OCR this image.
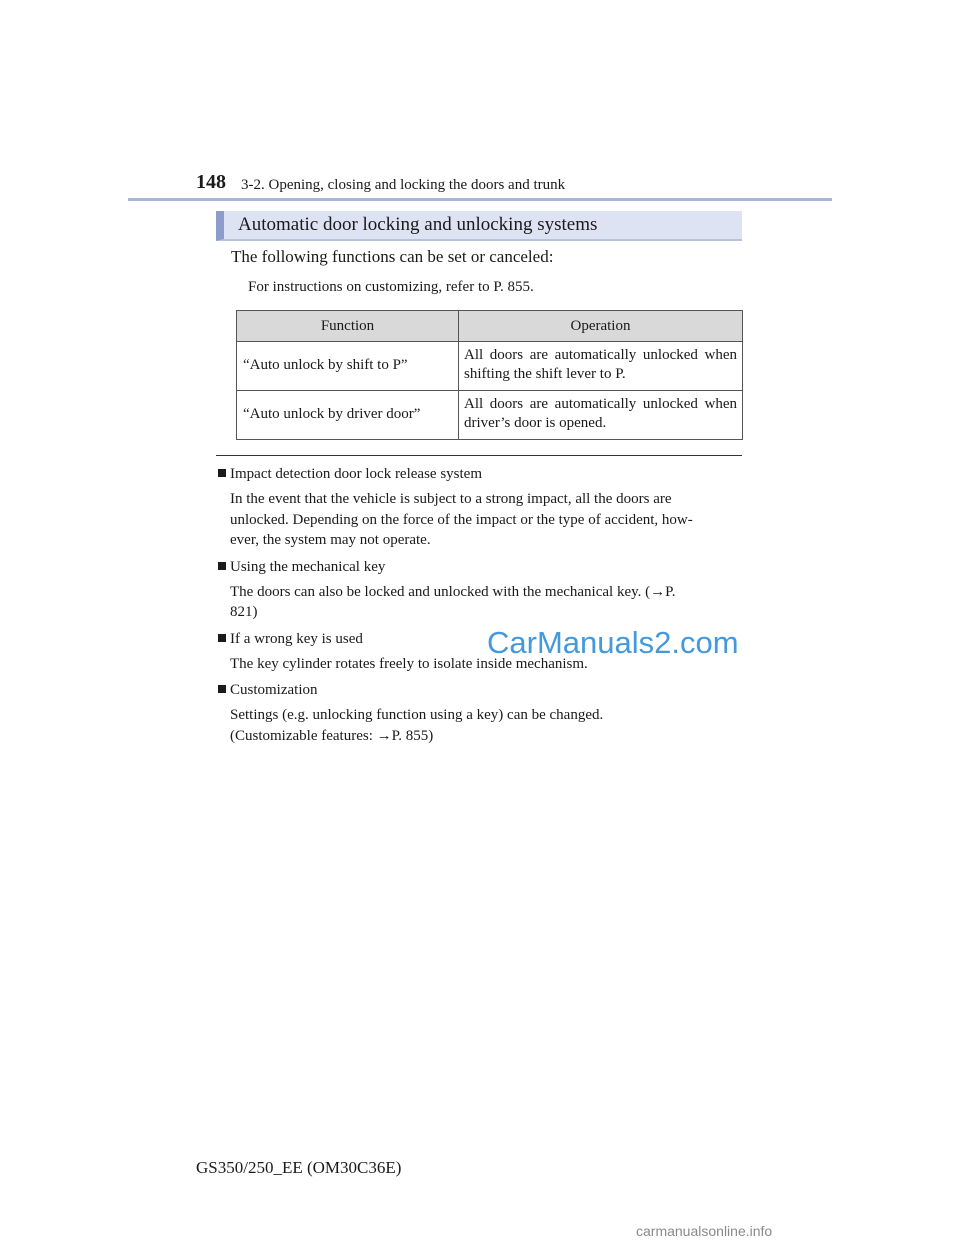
148 3-2. Opening, closing and locking the doors and trunk
Automatic door locking and unlocking systems
The following functions can be set or canceled:
For instructions on customizing, refer to P. 855.
Function	Operation
“Auto unlock by shift to P”	All doors are automatically unlocked when shifting the shift lever to P.
“Auto unlock by driver door”	All doors are automatically unlocked when driver’s door is opened.
Impact detection door lock release system
In the event that the vehicle is subject to a strong impact, all the doors are
unlocked. Depending on the force of the impact or the type of accident, how-
ever, the system may not operate.
Using the mechanical key
The doors can also be locked and unlocked with the mechanical key. (→P.
821)
If a wrong key is used
The key cylinder rotates freely to isolate inside mechanism.
Customization
Settings (e.g. unlocking function using a key) can be changed.
(Customizable features: →P. 855)
CarManuals2.com
GS350/250_EE (OM30C36E)
carmanualsonline.info
